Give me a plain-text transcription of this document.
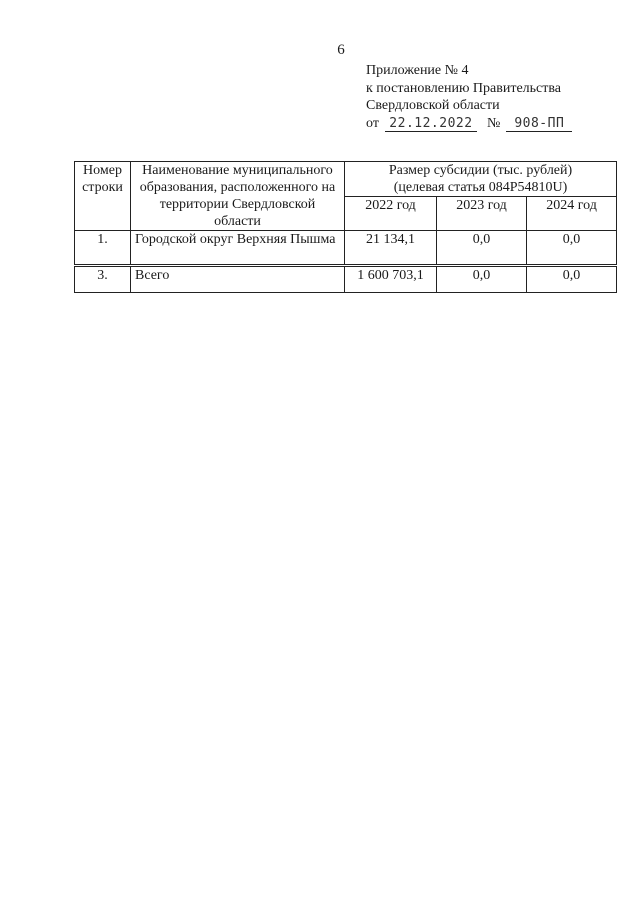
6
Приложение № 4
к постановлению Правительства
Свердловской области
от 22.12.2022 № 908-ПП
Номер строки	Наименование муниципального образования, расположенного на территории Свердловской области	Размер субсидии (тыс. рублей)
(целевая статья 084P54810U)		

		2022 год	2023 год	2024 год
1.	Городской округ Верхняя Пышма	21 134,1	0,0	0,0
3.	Всего	1 600 703,1	0,0	0,0
